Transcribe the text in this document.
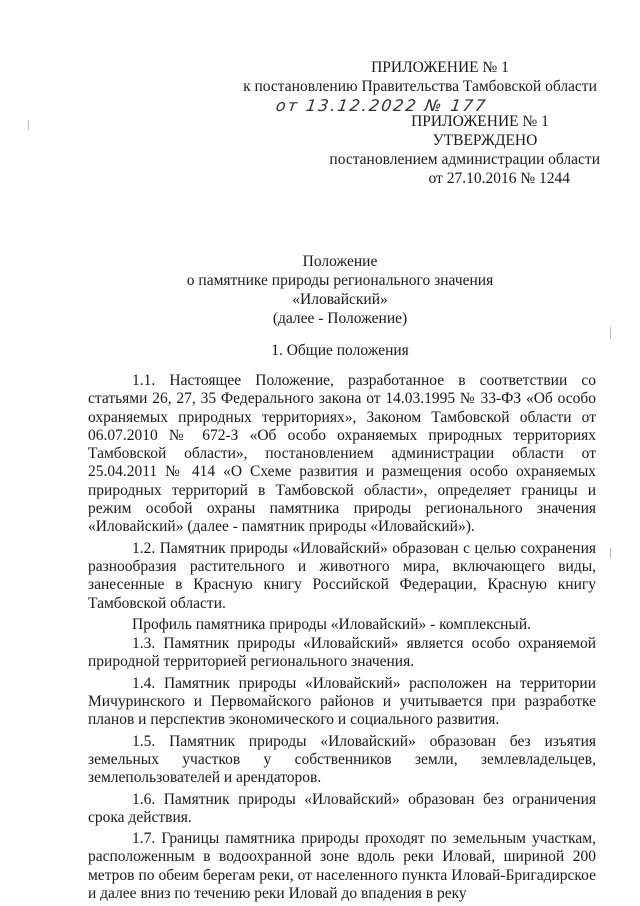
ПРИЛОЖЕНИЕ № 1
к постановлению Правительства Тамбовской области
от 13.12.2022 № 177
ПРИЛОЖЕНИЕ № 1
УТВЕРЖДЕНО
постановлением администрации области
от 27.10.2016 № 1244
Положение
о памятнике природы регионального значения
«Иловайский»
(далее - Положение)
1. Общие положения

1.1. Настоящее Положение, разработанное в соответствии со статьями 26, 27, 35 Федерального закона от 14.03.1995 № 33-ФЗ «Об особо охраняемых природных территориях», Законом Тамбовской области от 06.07.2010 № 672-З «Об особо охраняемых природных территориях Тамбовской области», постановлением администрации области от 25.04.2011 № 414 «О Схеме развития и размещения особо охраняемых природных территорий в Тамбовской области», определяет границы и режим особой охраны памятника природы регионального значения «Иловайский» (далее - памятник природы «Иловайский»).

1.2. Памятник природы «Иловайский» образован с целью сохранения разнообразия растительного и животного мира, включающего виды, занесенные в Красную книгу Российской Федерации, Красную книгу Тамбовской области.

Профиль памятника природы «Иловайский» - комплексный.

1.3. Памятник природы «Иловайский» является особо охраняемой природной территорией регионального значения.

1.4. Памятник природы «Иловайский» расположен на территории Мичуринского и Первомайского районов и учитывается при разработке планов и перспектив экономического и социального развития.

1.5. Памятник природы «Иловайский» образован без изъятия земельных участков у собственников земли, землевладельцев, землепользователей и арендаторов.

1.6. Памятник природы «Иловайский» образован без ограничения срока действия.

1.7. Границы памятника природы проходят по земельным участкам, расположенным в водоохранной зоне вдоль реки Иловай, шириной 200 метров по обеим берегам реки, от населенного пункта Иловай-Бригадирское и далее вниз по течению реки Иловай до впадения в реку
